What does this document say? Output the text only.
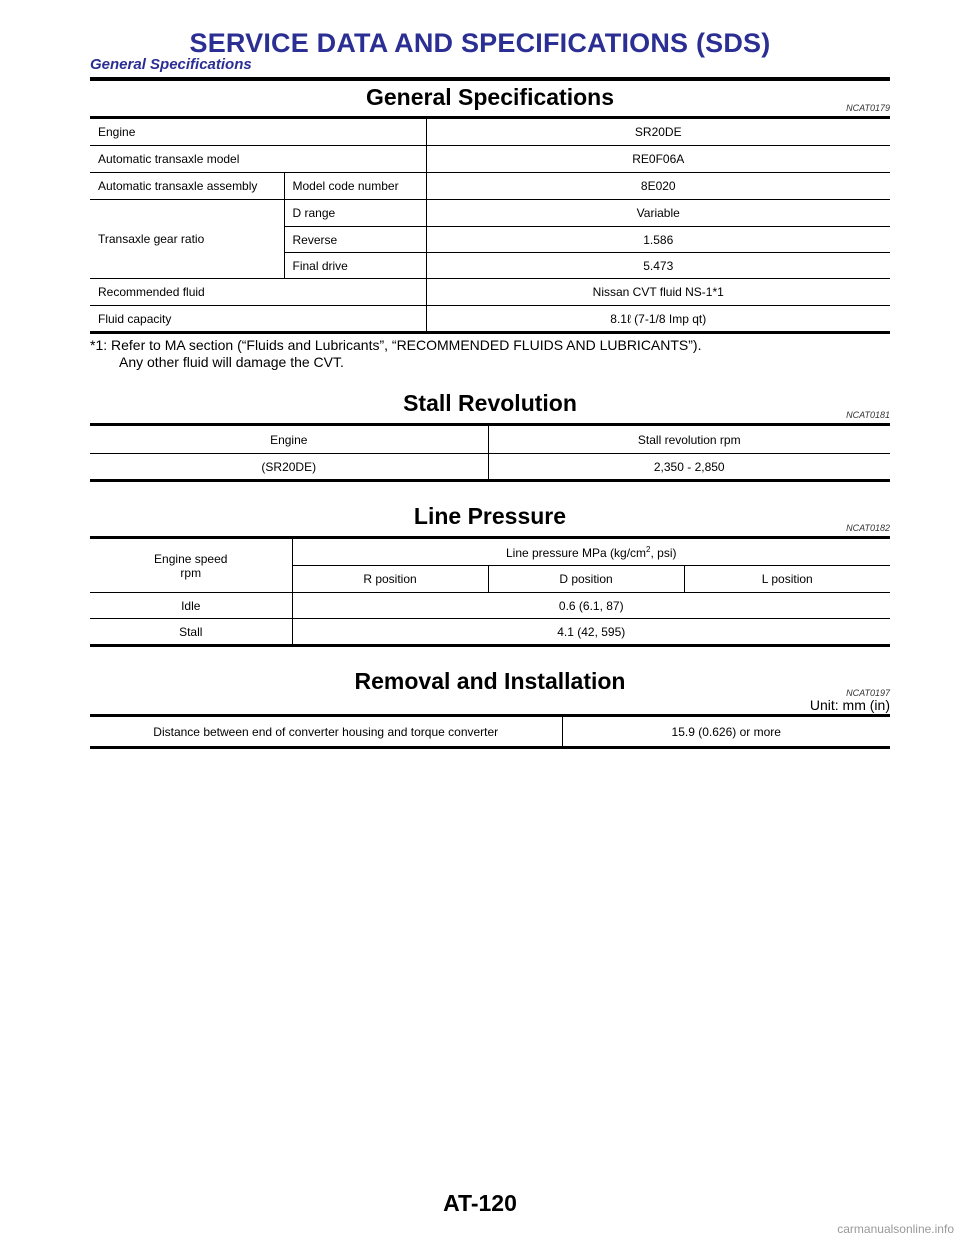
SERVICE DATA AND SPECIFICATIONS (SDS)
General Specifications
General Specifications	NCAT0179
Engine		SR20DE
Automatic transaxle model		RE0F06A
Automatic transaxle assembly	Model code number	8E020
Transaxle gear ratio	D range	Variable
	Reverse	1.586
	Final drive	5.473
Recommended fluid		Nissan CVT fluid NS-1*1
Fluid capacity		8.1ℓ (7-1/8 Imp qt)
*1: Refer to MA section (“Fluids and Lubricants”, “RECOMMENDED FLUIDS AND LUBRICANTS”).
Any other fluid will damage the CVT.
Stall Revolution	NCAT0181
Engine	Stall revolution rpm
(SR20DE)	2,350 - 2,850
Line Pressure	NCAT0182
Engine speed
rpm	Line pressure MPa ($kg/cm^2$, psi)		
	R position	D position	L position
Idle	0.6 (6.1, 87)		
Stall	4.1 (42, 595)		
Removal and Installation	NCAT0197
Unit: mm (in)
Distance between end of converter housing and torque converter	15.9 (0.626) or more
AT-120
carmanualsonline.info
